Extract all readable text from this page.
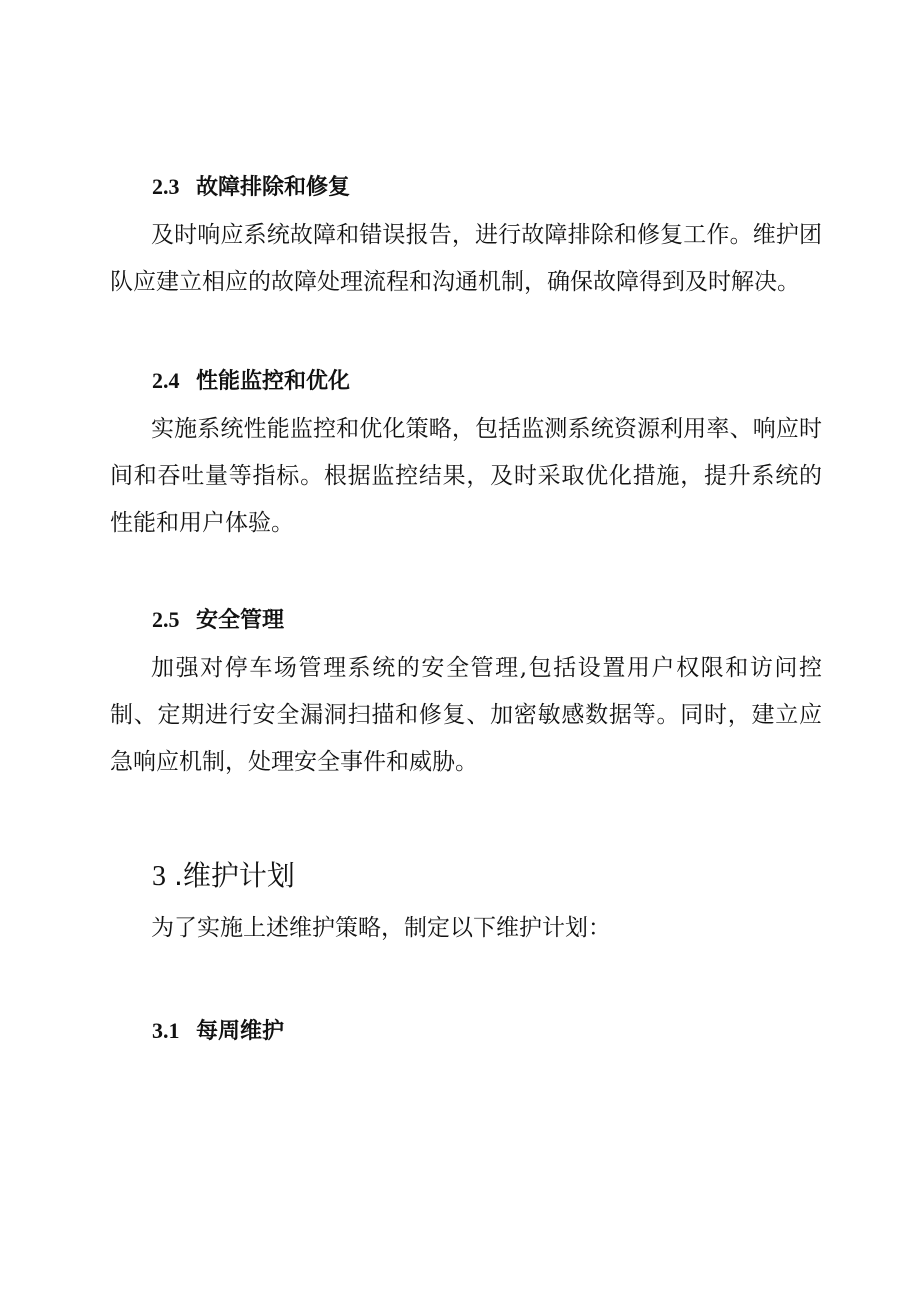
2.3 故障排除和修复

及时响应系统故障和错误报告，进行故障排除和修复工作。维护团队应建立相应的故障处理流程和沟通机制，确保故障得到及时解决。

2.4 性能监控和优化

实施系统性能监控和优化策略，包括监测系统资源利用率、响应时间和吞吐量等指标。根据监控结果，及时采取优化措施，提升系统的性能和用户体验。

2.5 安全管理

加强对停车场管理系统的安全管理,包括设置用户权限和访问控制、定期进行安全漏洞扫描和修复、加密敏感数据等。同时，建立应急响应机制，处理安全事件和威胁。

3 .维护计划

为了实施上述维护策略，制定以下维护计划：

3.1 每周维护
